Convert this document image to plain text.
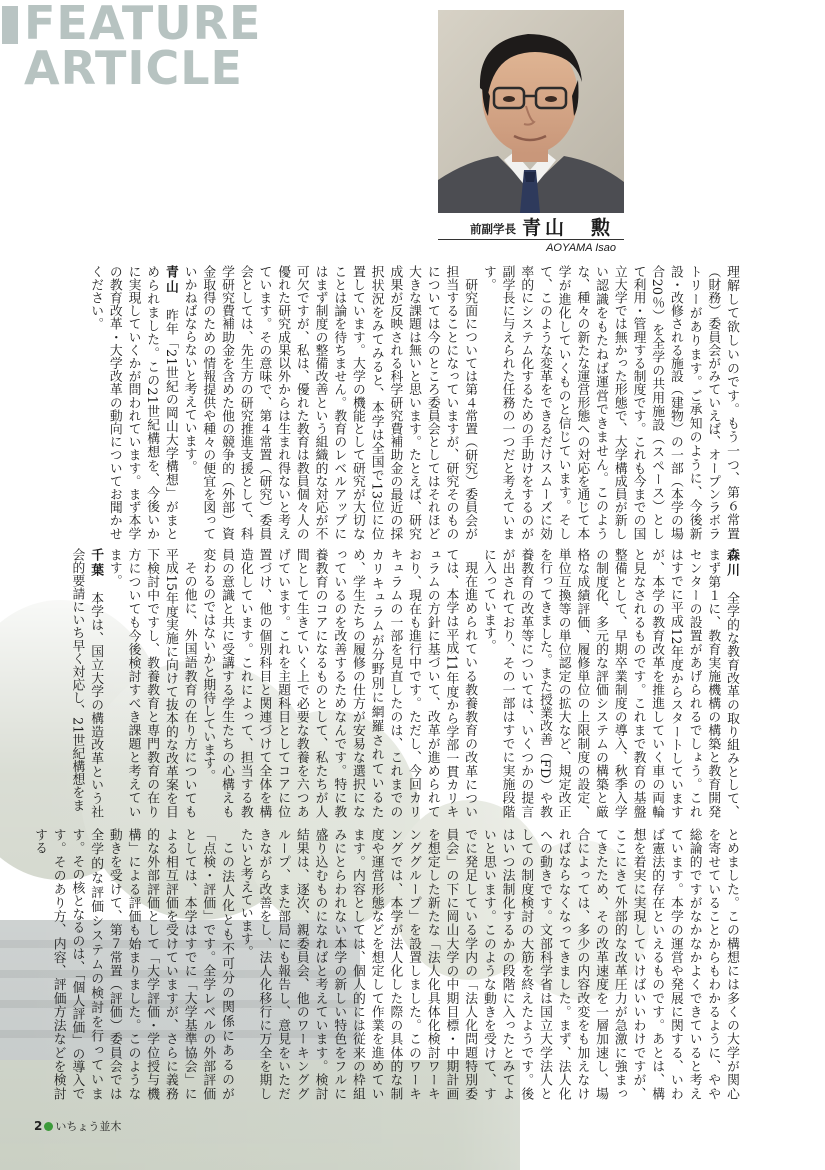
FEATURE
ARTICLE
前副学長 青山　勲
AOYAMA Isao

理解して欲しいのです。もう一つ、第６常置（財務）委員会がみていえば、オープンラボラトリーがあります。ご承知のように、今後新設・改修される施設（建物）の一部（本学の場合20％）を全学の共用施設（スペース）として利用・管理する制度です。これも今までの国立大学では無かった形態で、大学構成員が新しい認識をもたねば運営できません。このような、種々の新たな運営形態への対応を通じて本学が進化していくものと信じています。そして、このような変革をできるだけスムーズに効率的にシステム化するための手助けをするのが副学長に与えられた任務の一つだと考えています。

研究面については第４常置（研究）委員会が担当することになっていますが、研究そのものについては今のところ委員会としてはそれほど大きな課題は無いと思います。たとえば、研究成果が反映される科学研究費補助金の最近の採択状況をみてみると、本学は全国で13位に位置しています。大学の機能として研究が大切なことは論を待ちません。教育のレベルアップにはまず制度の整備改善という組織的な対応が不可欠ですが、私は、優れた教育は教員個々人の優れた研究成果以外からは生まれ得ないと考えています。その意味で、第４常置（研究）委員会としては、先生方の研究推進支援として、科学研究費補助金を含めた他の競争的（外部）資金取得のための情報提供や種々の便宜を図っていかねばならないと考えています。

青山　昨年「21世紀の岡山大学構想」がまとめられました。この21世紀構想を、今後いかに実現していくかが問われています。まず本学の教育改革・大学改革の動向についてお聞かせください。

森川　全学的な教育改革の取り組みとして、まず第１に、教育実施機構の構築と教育開発センターの設置があげられるでしょう。これはすでに平成12年度からスタートしていますが、本学の教育改革を推進していく車の両輪と見なされるものです。これまで教育の基盤整備として、早期卒業制度の導入、秋季入学の制度化、多元的な評価システムの構築と厳格な成績評価、履修単位の上限制度の設定、単位互換等の単位認定の拡大など、規定改正を行ってきました。また授業改善（FD）や教養教育の改革等については、いくつかの提言が出されており、その一部はすでに実施段階に入っています。

現在進められている教養教育の改革については、本学は平成11年度から学部一貫カリキュラムの方針に基づいて、改革が進められており、現在も進行中です。ただし、今回カリキュラムの一部を見直したのは、これまでのカリキュラムが分野別に網羅されているため、学生たちの履修の仕方が安易な選択になっているのを改善するためなんです。特に教養教育のコアになるものとして、私たちが人間として生きていく上で必要な教養を六つあげています。これを主題科目としてコアに位置づけ、他の個別科目と関連づけて全体を構造化しています。これによって、担当する教員の意識と共に受講する学生たちの心構えも変わるのではないかと期待しています。

その他に、外国語教育の在り方についても平成15年度実施に向けて抜本的な改革案を目下検討中ですし、教養教育と専門教育の在り方についても今後検討すべき課題と考えています。

千葉　本学は、国立大学の構造改革という社会的要請にいち早く対応し、21世紀構想をま

とめました。この構想には多くの大学が関心を寄せていることからもわかるように、やや総論的ですがなかなかよくできていると考えています。本学の運営や発展に関する、いわば憲法的存在といえるものです。あとは、構想を着実に実現していけばいいわけですが、ここにきて外部的な改革圧力が急激に強まってきたため、その改革速度を一層加速し、場合によっては、多少の内容改変をも加えなければならなくなってきました。まず、法人化への動きです。文部科学省は国立大学法人としての制度検討の大筋を終えたようです。後はいつ法制化するかの段階に入ったとみてよいと思います。このような動きを受けて、すでに発足している学内の「法人化問題特別委員会」の下に岡山大学の中期目標・中期計画を想定した新たな「法人化具体化検討ワーキンググループ」を設置しました。このワーキングでは、本学が法人化した際の具体的な制度や運営形態などを想定して作業を進めています。内容としては、個人的には従来の枠組みにとらわれない本学の新しい特色をフルに盛り込むものになればと考えています。検討結果は、逐次、親委員会、他のワーキンググループ、また部局にも報告し、意見をいただきながら改善をし、法人化移行に万全を期したいと考えています。

この法人化とも不可分の関係にあるのが「点検・評価」です。全学レベルの外部評価としては、本学はすでに「大学基準協会」による相互評価を受けていますが、さらに義務的な外部評価として「大学評価・学位授与機構」による評価も始まりました。このような動きを受けて、第７常置（評価）委員会では全学的な評価システムの検討を行っています。その核となるのは、「個人評価」の導入です。そのあり方、内容、評価方法などを検討する

2 いちょう並木
